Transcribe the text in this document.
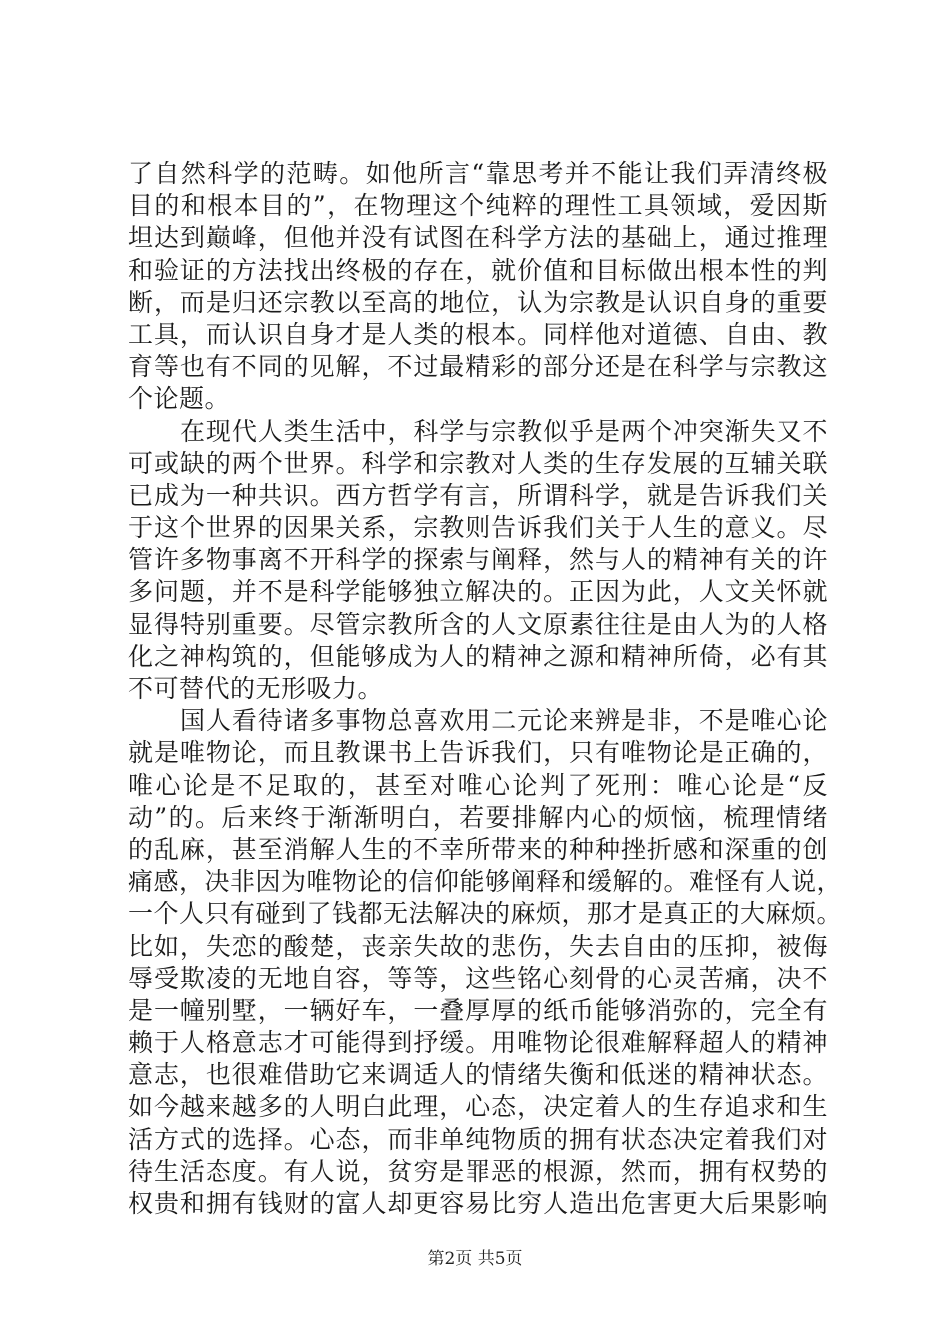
了自然科学的范畴。如他所言“靠思考并不能让我们弄清终极
目的和根本目的”，在物理这个纯粹的理性工具领域，爱因斯
坦达到巅峰，但他并没有试图在科学方法的基础上，通过推理
和验证的方法找出终极的存在，就价值和目标做出根本性的判
断，而是归还宗教以至高的地位，认为宗教是认识自身的重要
工具，而认识自身才是人类的根本。同样他对道德、自由、教
育等也有不同的见解，不过最精彩的部分还是在科学与宗教这
个论题。
在现代人类生活中，科学与宗教似乎是两个冲突渐失又不
可或缺的两个世界。科学和宗教对人类的生存发展的互辅关联
已成为一种共识。西方哲学有言，所谓科学，就是告诉我们关
于这个世界的因果关系，宗教则告诉我们关于人生的意义。尽
管许多物事离不开科学的探索与阐释，然与人的精神有关的许
多问题，并不是科学能够独立解决的。正因为此，人文关怀就
显得特别重要。尽管宗教所含的人文原素往往是由人为的人格
化之神构筑的，但能够成为人的精神之源和精神所倚，必有其
不可替代的无形吸力。
国人看待诸多事物总喜欢用二元论来辨是非，不是唯心论
就是唯物论，而且教课书上告诉我们，只有唯物论是正确的，
唯心论是不足取的，甚至对唯心论判了死刑：唯心论是“反
动”的。后来终于渐渐明白，若要排解内心的烦恼，梳理情绪
的乱麻，甚至消解人生的不幸所带来的种种挫折感和深重的创
痛感，决非因为唯物论的信仰能够阐释和缓解的。难怪有人说，
一个人只有碰到了钱都无法解决的麻烦，那才是真正的大麻烦。
比如，失恋的酸楚，丧亲失故的悲伤，失去自由的压抑，被侮
辱受欺凌的无地自容，等等，这些铭心刻骨的心灵苦痛，决不
是一幢别墅，一辆好车，一叠厚厚的纸币能够消弥的，完全有
赖于人格意志才可能得到抒缓。用唯物论很难解释超人的精神
意志，也很难借助它来调适人的情绪失衡和低迷的精神状态。
如今越来越多的人明白此理，心态，决定着人的生存追求和生
活方式的选择。心态，而非单纯物质的拥有状态决定着我们对
待生活态度。有人说，贫穷是罪恶的根源，然而，拥有权势的
权贵和拥有钱财的富人却更容易比穷人造出危害更大后果影响
第2页 共5页
